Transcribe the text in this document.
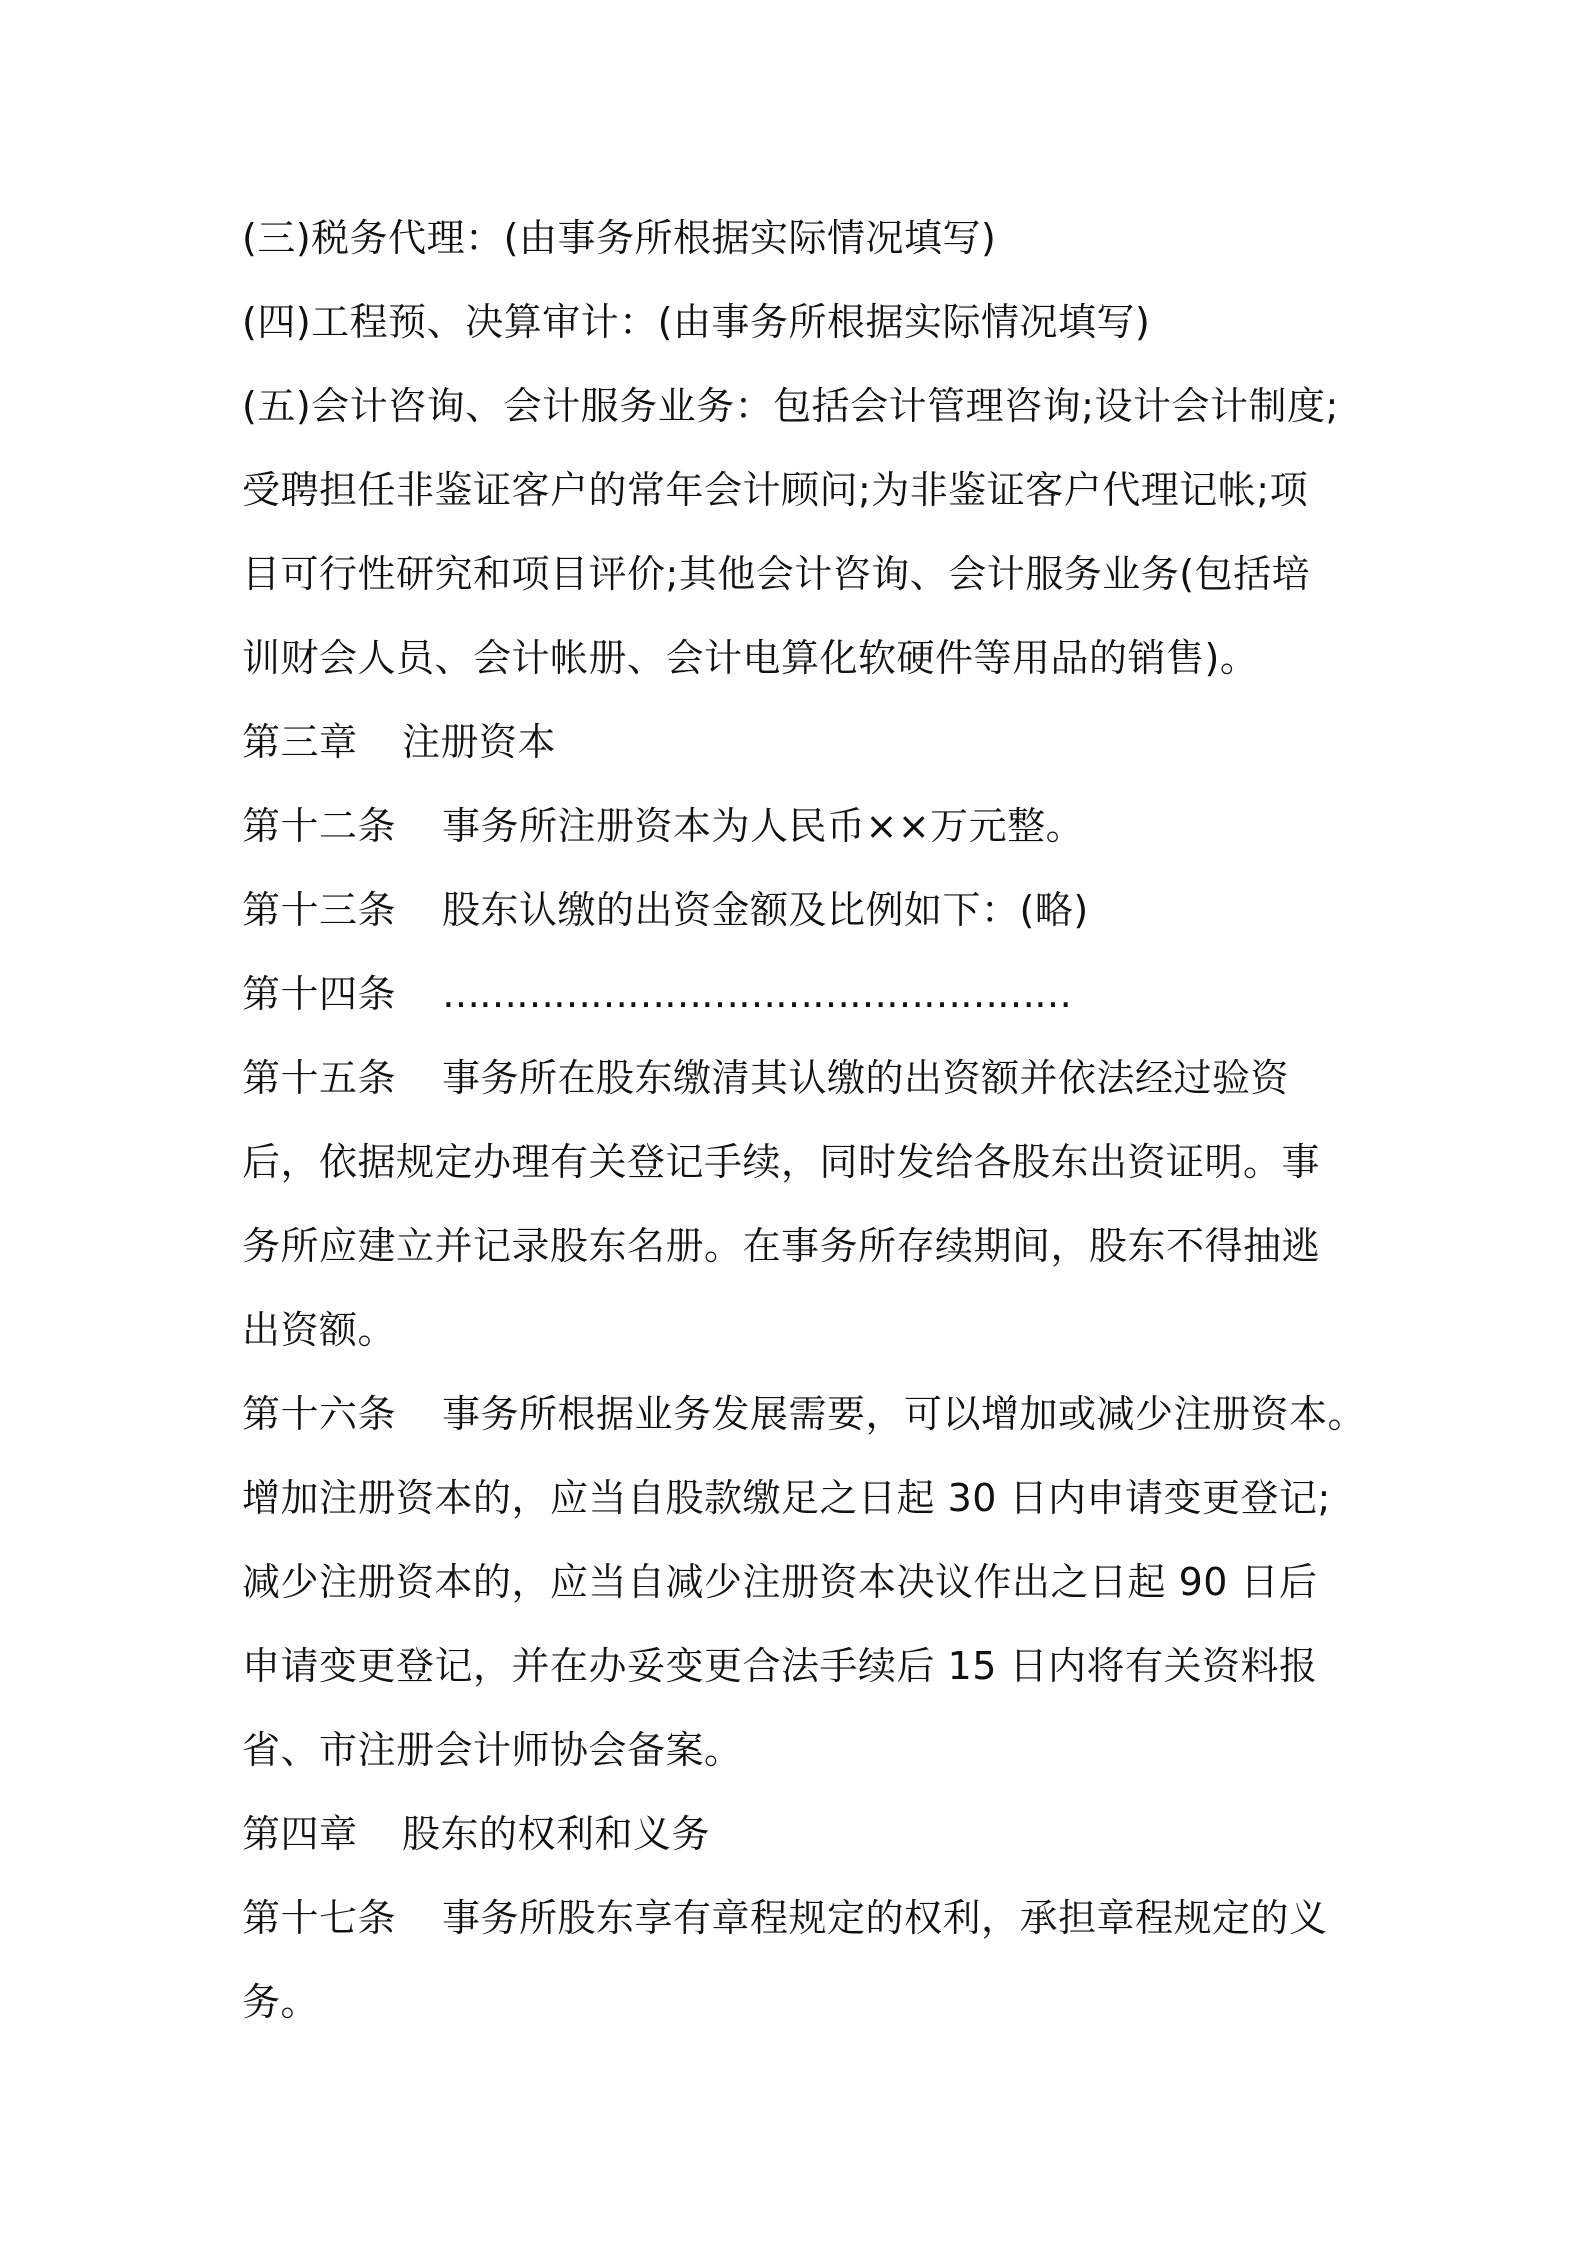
(三)税务代理：(由事务所根据实际情况填写)
(四)工程预、决算审计：(由事务所根据实际情况填写)
(五)会计咨询、会计服务业务：包括会计管理咨询;设计会计制度;
受聘担任非鉴证客户的常年会计顾问;为非鉴证客户代理记帐;项
目可行性研究和项目评价;其他会计咨询、会计服务业务(包括培
训财会人员、会计帐册、会计电算化软硬件等用品的销售)。
第三章 注册资本
第十二条 事务所注册资本为人民币××万元整。
第十三条 股东认缴的出资金额及比例如下：(略)
第十四条 ……………………………………………
第十五条 事务所在股东缴清其认缴的出资额并依法经过验资
后，依据规定办理有关登记手续，同时发给各股东出资证明。事
务所应建立并记录股东名册。在事务所存续期间，股东不得抽逃
出资额。
第十六条 事务所根据业务发展需要，可以增加或减少注册资本。
增加注册资本的，应当自股款缴足之日起 30 日内申请变更登记;
减少注册资本的，应当自减少注册资本决议作出之日起 90 日后
申请变更登记，并在办妥变更合法手续后 15 日内将有关资料报
省、市注册会计师协会备案。
第四章 股东的权利和义务
第十七条 事务所股东享有章程规定的权利，承担章程规定的义
务。
